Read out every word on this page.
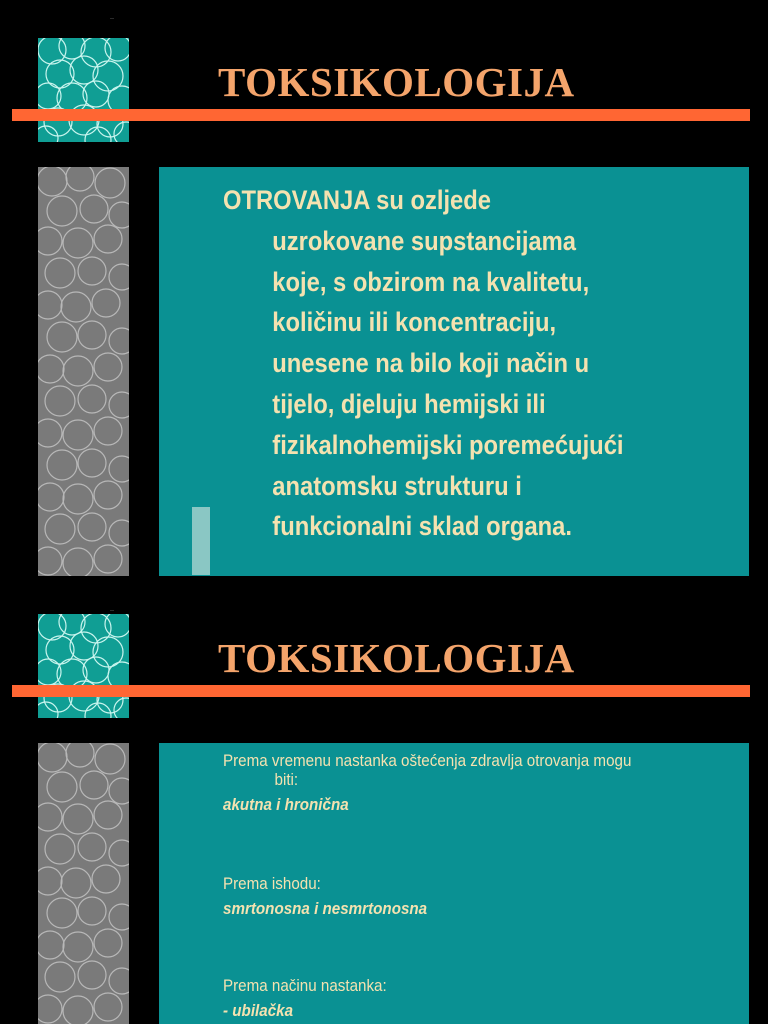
TOKSIKOLOGIJA

OTROVANJA su ozljede
uzrokovane supstancijama
koje, s obzirom na kvalitetu,
količinu ili koncentraciju,
unesene na bilo koji način u
tijelo, djeluju hemijski ili
fizikalnohemijski poremećujući
anatomsku strukturu i
funkcionalni sklad organa.

TOKSIKOLOGIJA

Prema vremenu nastanka oštećenja zdravlja otrovanja mogu
biti:
akutna i hronična

Prema ishodu:
smrtonosna i nesmrtonosna

Prema načinu nastanka:
- ubilačka
